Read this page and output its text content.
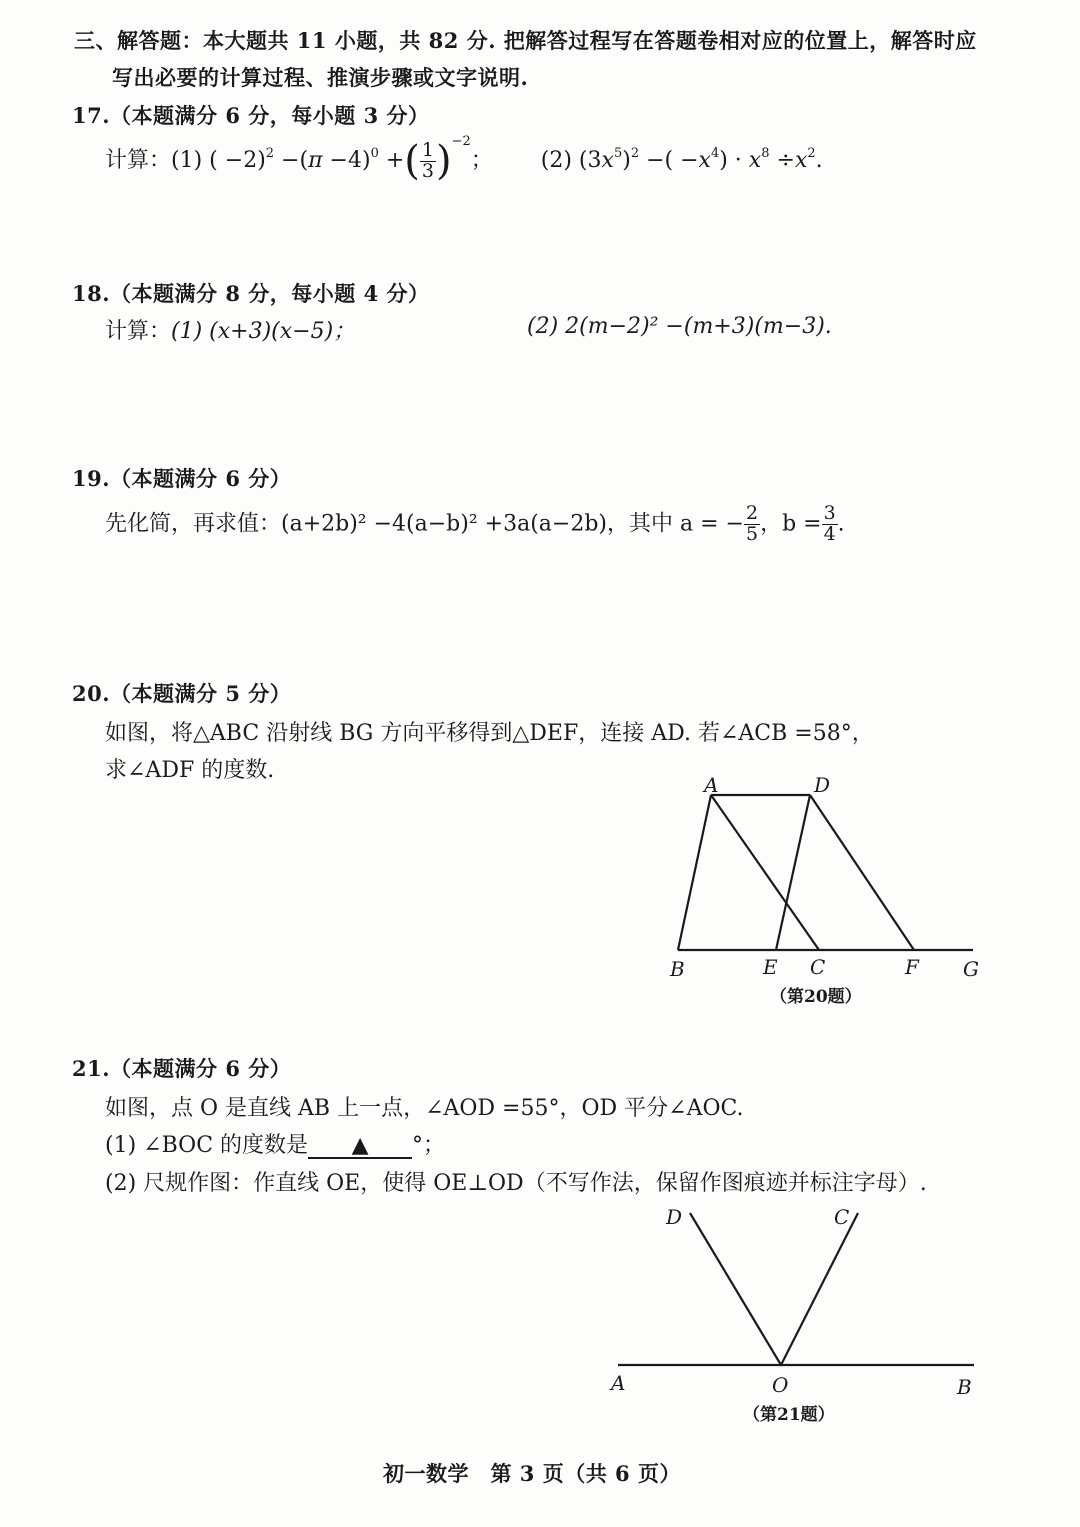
三、解答题：本大题共 11 小题，共 82 分. 把解答过程写在答题卷相对应的位置上，解答时应
写出必要的计算过程、推演步骤或文字说明.
17.（本题满分 6 分，每小题 3 分）
计算：(1) ( $-2)^2 -(\pi -4)^0$ +( $\frac{1}{3} )^{-2}$；  (2) $(3x^5)^2$ −( $-x^4) \cdot x^8 \div x^2$.
18.（本题满分 8 分，每小题 4 分）
计算： (1) (x+3)(x−5)；	(2) 2(m−2)² −(m+3)(m−3).
19.（本题满分 6 分）
先化简，再求值：(a+2b)² −4(a−b)² +3a(a−2b)，其中 a = − $\frac{2}{5}$ ，$b = \frac{3}{4}$ .
20.（本题满分 5 分）
如图，将△ABC 沿射线 BG 方向平移得到△DEF，连接 AD. 若∠ACB =58°，
求∠ADF 的度数.
A	D
B	E C	F G
（第20题）
21.（本题满分 6 分）
如图，点 O 是直线 AB 上一点，∠AOD =55°，OD 平分∠AOC.
(1) ∠BOC 的度数是 ▲ °；
(2) 尺规作图：作直线 OE，使得 OE⊥OD（不写作法，保留作图痕迹并标注字母）.
D	C
A	O	B
（第21题）
初一数学　第 3 页（共 6 页）
